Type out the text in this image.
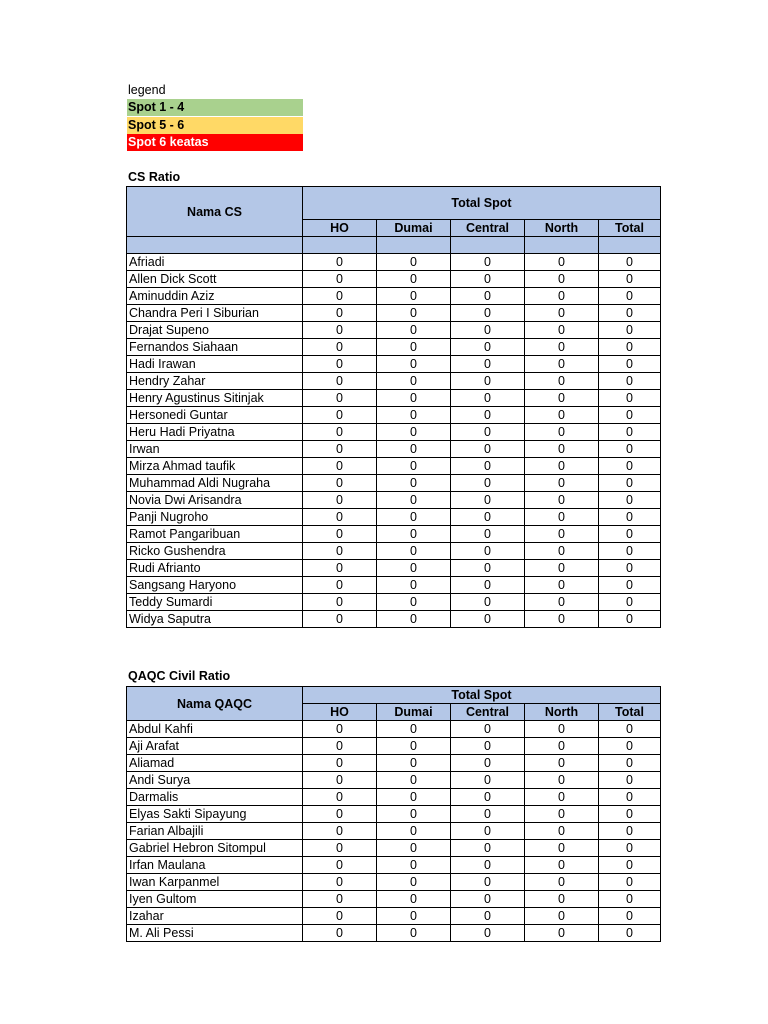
legend
Spot 1 - 4
Spot 5 - 6
Spot 6 keatas
CS Ratio
Nama CS	Total Spot				
	HO	Dumai	Central	North	Total

Afriadi	0	0	0	0	0
Allen Dick Scott	0	0	0	0	0
Aminuddin Aziz	0	0	0	0	0
Chandra Peri I Siburian	0	0	0	0	0
Drajat Supeno	0	0	0	0	0
Fernandos Siahaan	0	0	0	0	0
Hadi Irawan	0	0	0	0	0
Hendry Zahar	0	0	0	0	0
Henry Agustinus Sitinjak	0	0	0	0	0
Hersonedi Guntar	0	0	0	0	0
Heru Hadi Priyatna	0	0	0	0	0
Irwan	0	0	0	0	0
Mirza Ahmad taufik	0	0	0	0	0
Muhammad Aldi Nugraha	0	0	0	0	0
Novia Dwi Arisandra	0	0	0	0	0
Panji Nugroho	0	0	0	0	0
Ramot Pangaribuan	0	0	0	0	0
Ricko Gushendra	0	0	0	0	0
Rudi Afrianto	0	0	0	0	0
Sangsang Haryono	0	0	0	0	0
Teddy Sumardi	0	0	0	0	0
Widya Saputra	0	0	0	0	0
QAQC Civil Ratio
Nama QAQC	Total Spot				
	HO	Dumai	Central	North	Total
Abdul Kahfi	0	0	0	0	0
Aji Arafat	0	0	0	0	0
Aliamad	0	0	0	0	0
Andi Surya	0	0	0	0	0
Darmalis	0	0	0	0	0
Elyas Sakti Sipayung	0	0	0	0	0
Farian Albajili	0	0	0	0	0
Gabriel Hebron Sitompul	0	0	0	0	0
Irfan Maulana	0	0	0	0	0
Iwan Karpanmel	0	0	0	0	0
Iyen Gultom	0	0	0	0	0
Izahar	0	0	0	0	0
M. Ali Pessi	0	0	0	0	0
